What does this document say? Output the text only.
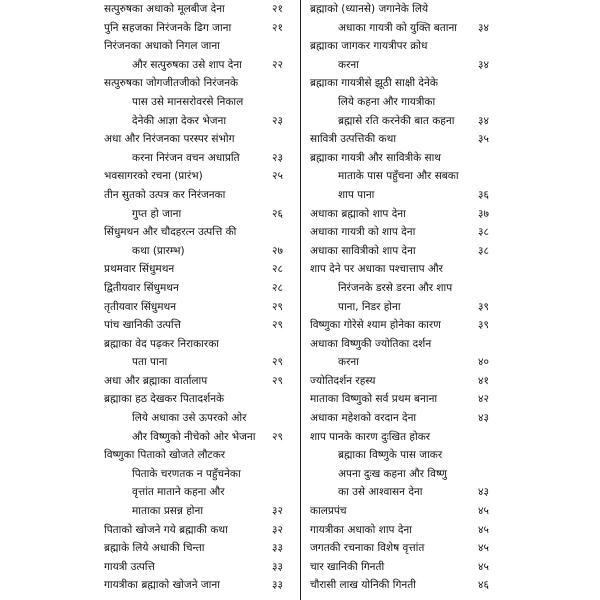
सत्पुरुषका अधाको मूलबीज देना	२१
पुनि सहजका निरंजनके ढिग जाना	२१
निरंजनका अधाको निगल जाना
और सत्पुरुषका उसे शाप देना	२२
सत्पुरुषका जोगजीतजीको निरंजनके
पास उसे मानसरोवरसे निकाल
देनेकी आज्ञा देकर भेजना	२३
अधा और निरंजनका परस्पर संभोग
करना निरंजन वचन अधाप्रति	२३
भवसागरको रचना (प्रारंभ)	२५
तीन सुतको उत्पत्र कर निरंजनका
गुप्त हो जाना	२६
सिंधुमथन और चौदहरत्न उत्पत्ति की
कथा (प्रारम्भ)	२७
प्रथमवार सिंधुमथन	२८
द्वितीयवार सिंधुमथन	२८
तृतीयवार सिंधुमथन	२९
पांच खानिकी उत्पत्ति	२९
ब्रह्माका वेद पढ़कर निराकारका
पता पाना	२९
अधा और ब्रह्माका वार्तालाप	२९
ब्रह्माका हठ देखकर पितादर्शनके
लिये अधाका उसे ऊपरको ओर
और विष्णुको नीचेको ओर भेजना २९
विष्णुका पिताको खोजते लौटकर
पिताके चरणतक न पहुँचनेका
वृत्तांत माताने कहना और
माताका प्रसन्न होना	३२
पिताको खोजने गये ब्रह्माकी कथा	३२
ब्रह्माके लिये अधाकी चिन्ता	३३
गायत्री उत्पत्ति	३३
गायत्रीका ब्रह्माको खोजने जाना	३३
ब्रह्माको (ध्यानसे) जगानेके लिये
अधाका गायत्री को युक्ति बताना ३४
ब्रह्माका जागकर गायत्रीपर क्रोध
करना	३४
ब्रह्माका गायत्रीसे झूठी साक्षी देनेके
लिये कहना और गायत्रीका
ब्रह्मासे रति करनेकी बात कहना ३४
सावित्री उत्पत्तिकी कथा	३५
ब्रह्माका गायत्री और सावित्रीके साथ
माताके पास पहुँचना और सबका
शाप पाना	३६
अधाका ब्रह्माको शाप देना	३७
अधाका गायत्री को शाप देना	३८
अधाका सावित्रीको शाप देना	३८
शाप देने पर अधाका पश्चात्ताप और
निरंजनके डरसे डरना और शाप
पाना, निडर होना	३९
विष्णुका गोरेसे श्याम होनेका कारण	३९
अधाका विष्णुकी ज्योतिका दर्शन
करना	४०
ज्योतिदर्शन रहस्य	४१
माताका विष्णुको सर्व प्रथम बनाना	४२
अधाका महेशको वरदान देना	४३
शाप पानके कारण दुःखित होकर
ब्रह्माका विष्णुके पास जाकर
अपना दुःख कहना और विष्णु
का उसे आश्वासन देना	४३
कालप्रपंच	४५
गायत्रीका अधाको शाप देना	४५
जगतकी रचनाका विशेष वृत्तांत	४५
चार खानिकी गिनती	४५
चौरासी लाख योनिकी गिनती	४६
